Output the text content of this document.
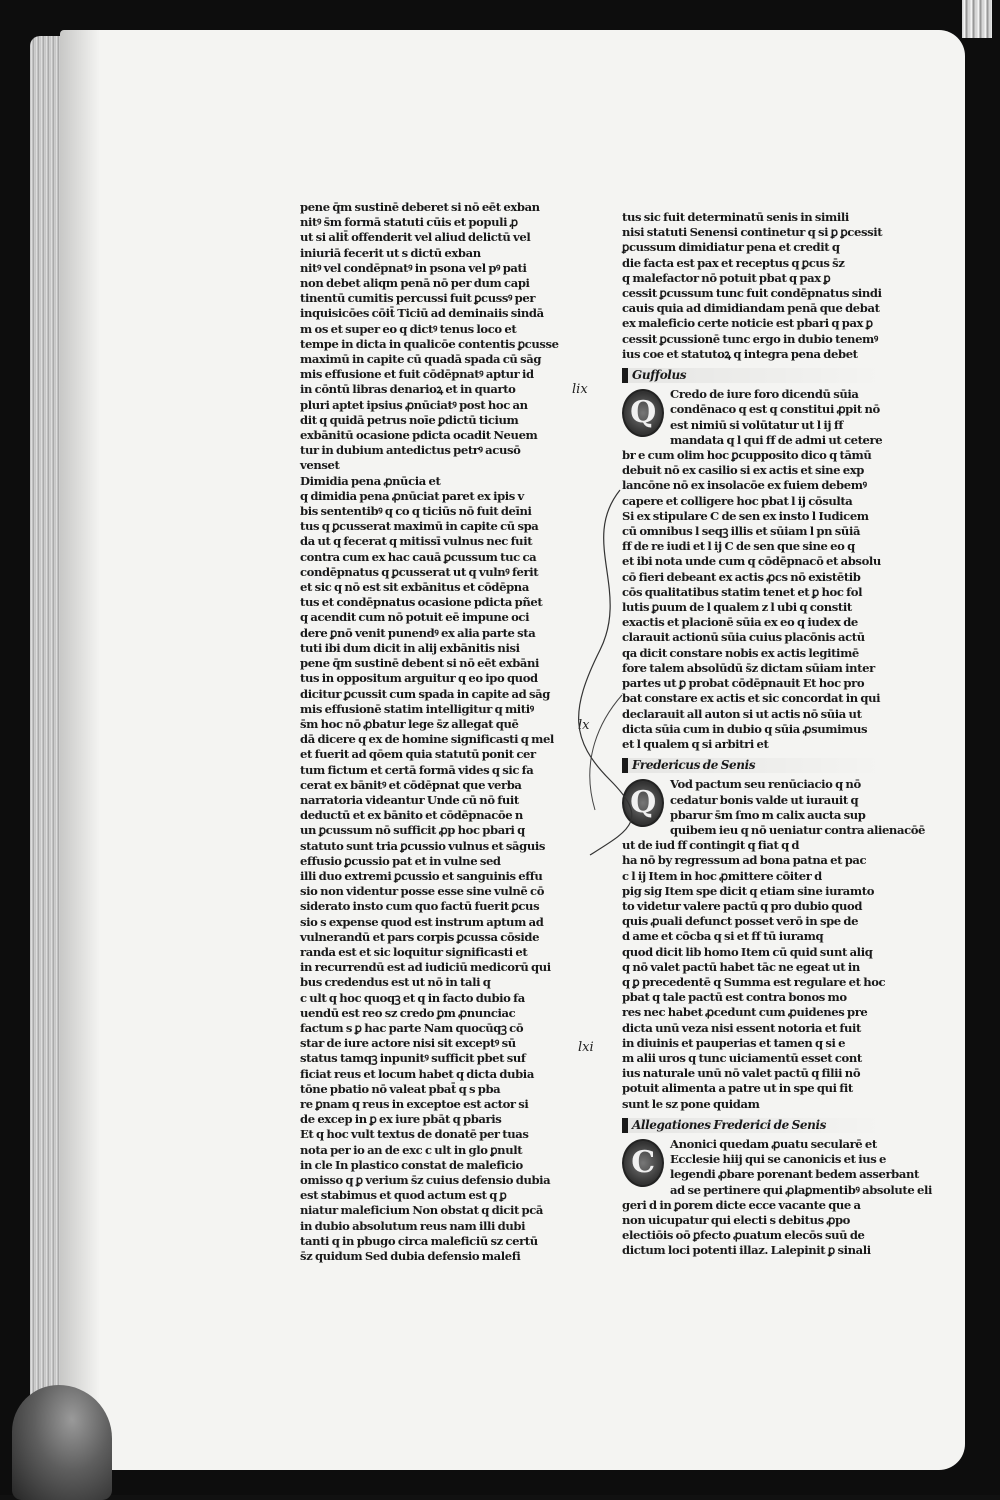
pene q̄m sustinē deberet si nō eēt exban
nitꝰ s̄m formā statuti cūis et populi ꝓ
ut si alit̄ offenderit vel aliud delictū vel
iniuriā fecerit ut s dictū exban
nitꝰ vel condēpnatꝰ in psona vel pꝰ pati
non debet aliqm penā nō per dum capi
tinentū cumitis percussi fuit ꝑcussꝰ per
inquisicōes cōit̄ Ticiū ad deminaiis sindā
m os et super eo q dictꝰ tenus loco et
tempe in dicta in qualicōe contentis ꝑcusse
maximū in capite cū quadā spada cū sāg
mis effusione et fuit cōdēpnatꝰ aptur id
in cōntū libras denarioꝝ et in quarto
pluri aptet ipsius ꝓnūciatꝰ post hoc an
dit q quidā petrus noīe ꝑdictū ticium
exbānitū ocasione pdicta ocadit Neuem
tur in dubium antedictus petrꝰ acusō
venset
Dimidia pena ꝓnūcia et
q dimidia pena ꝓnūciat paret ex ipis v
bis sententibꝰ q co q ticiūs nō fuit deīni
tus q ꝑcusserat maximū in capite cū spa
da ut q fecerat q mitissī vulnus nec fuit
contra cum ex hac cauā ꝑcussum tuc ca
condēpnatus q ꝑcusserat ut q vulnꝰ ferit
et sic q nō est sit exbānitus et cōdēpna
tus et condēpnatus ocasione pdicta pñet
q acendit cum nō potuit eē impune oci
dere ꝑnō venit punendꝰ ex alia parte sta
tuti ibi dum dicit in alij exbānitis nisi
pene q̄m sustinē debent si nō eēt exbāni
tus in oppositum arguitur q eo ipo quod
dicitur ꝑcussit cum spada in capite ad sāg
mis effusionē statim intelligitur q mitiꝰ
s̄m hoc nō ꝓbatur lege s̄z allegat quē
dā dicere q ex de homine significasti q mel
et fuerit ad qōem quia statutū ponit cer
tum fictum et certā formā vides q sic fa
cerat ex bānitꝰ et cōdēpnat que verba
narratoria videantur Unde cū nō fuit
deductū et ex bānito et cōdēpnacōe n
un ꝑcussum nō sufficit ꝓp hoc pbari q
statuto sunt tria ꝑcussio vulnus et sāguis
effusio ꝑcussio pat et in vulne sed
illi duo extremi ꝑcussio et sanguinis effu
sio non videntur posse esse sine vulnē cō
siderato insto cum quo factū fuerit ꝑcus
sio s expense quod est instrum aptum ad
vulnerandū et pars corpis ꝑcussa cōside
randa est et sic loquitur significasti et
in recurrendū est ad iudiciū medicorū qui
bus credendus est ut nō in tali q
c ult q hoc quoqꝫ et q in facto dubio fa
uendū est reo sz credo ꝑm ꝓnunciac
factum s ꝑ hac parte Nam quocūqꝫ cō
star de iure actore nisi sit exceptꝰ sū
status tamqꝫ inpunitꝰ sufficit pbet suf
ficiat reus et locum habet q dicta dubia
tōne pbatio nō valeat pbat̄ q s pba
re ꝑnam q reus in exceptoe est actor si
de excep in ꝑ ex iure pbāt q pbaris
Et q hoc vult textus de donatē per tuas
nota per io an de exc c ult in glo ꝑnult
in cle In plastico constat de maleficio
omisso q ꝑ verium s̄z cuius defensio dubia
est stabimus et quod actum est q ꝑ
niatur maleficium Non obstat q dicit pcā
in dubio absolutum reus nam illi dubi
tanti q in pbugo circa maleficiū sz certū
s̄z quidum Sed dubia defensio malefi
tus sic fuit determinatū senis in simili
nisi statuti Senensi continetur q si ꝑ ꝑcessit
ꝑcussum dimidiatur pena et credit q
die facta est pax et receptus q ꝑcus s̄z
q malefactor nō potuit pbat q pax ꝑ
cessit ꝑcussum tunc fuit condēpnatus sindi
cauis quia ad dimidiandam penā que debat
ex maleficio certe noticie est pbari q pax ꝑ
cessit ꝑcussionē tunc ergo in dubio tenemꝰ
ius coe et statutoꝝ q integra pena debet
Guffolus
Q
Credo de iure foro dicendū sūia
condēnaco q est q constitui ꝓpit nō
est nimiū si volūtatur ut l ij ff
mandata q l qui ff de admi ut cetere
br e cum olim hoc ꝑcupposito dico q tāmū
debuit nō ex casilio si ex actis et sine exp
lancōne nō ex insolacōe ex fuiem debemꝰ
capere et colligere hoc pbat l ij cōsulta
Si ex stipulare C de sen ex insto l Iudicem
cū omnibus l seqꝫ illis et sūiam l pn sūiā
ff de re iudi et l ij C de sen que sine eo q
et ibi nota unde cum q cōdēpnacō et absolu
cō fieri debeant ex actis ꝓcs nō existētib
cōs qualitatibus statim tenet et ꝑ hoc fol
lutis ꝑuum de l qualem z l ubi q constit
exactis et placionē sūia ex eo q iudex de
clarauit actionū sūia cuius placōnis actū
qa dicit constare nobis ex actis legitimē
fore talem absolūdū s̄z dictam sūiam inter
partes ut ꝑ probat cōdēpnauit Et hoc pro
bat constare ex actis et sic concordat in qui
declarauit all auton si ut actis nō sūia ut
dicta sūia cum in dubio q sūia ꝓsumimus
et l qualem q si arbitri et
Fredericus de Senis
Q
Vod pactum seu renūciacio q nō
cedatur bonis valde ut iurauit q
pbarur s̄m ſmo m calix aucta sup
quibem ieu q nō ueniatur contra alienacōē
ut de iud ff contingit q fiat q d
ha nō by regressum ad bona patna et pac
c l ij Item in hoc ꝓmittere cōiter d
pig sig Item spe dicit q etiam sine iuramto
to videtur valere pactū q pro dubio quod
quis ꝓuali defunct posset verō in spe de
d ame et cōcba q si et ff tū iuramq
quod dicit lib homo Item cū quid sunt aliq
q nō valet pactū habet tāc ne egeat ut in
q ꝑ precedentē q Summa est regulare et hoc
pbat q tale pactū est contra bonos mo
res nec habet ꝓcedunt cum ꝓuidenes pre
dicta unū veza nisi essent notoria et fuit
in diuinis et pauperias et tamen q si e
m alii uros q tunc uiciamentū esset cont
ius naturale unū nō valet pactū q filii nō
potuit alimenta a patre ut in spe qui fit
sunt le sz pone quidam
Allegationes Frederici de Senis
C
Anonici quedam ꝓuatu secularē et
Ecclesie hiij qui se canonicis et ius e
legendi ꝓbare porenant bedem asserbant
ad se pertinere qui ꝓlaꝑmentibꝰ absolute eli
geri d in ꝑorem dicte ecce vacante que a
non uicupatur qui electi s debitus ꝓpo
electiōis oō ꝑfecto ꝓuatum elecōs suū de
dictum loci potenti illaz. Lalepinit ꝑ sinali
lix
lx
lxi
